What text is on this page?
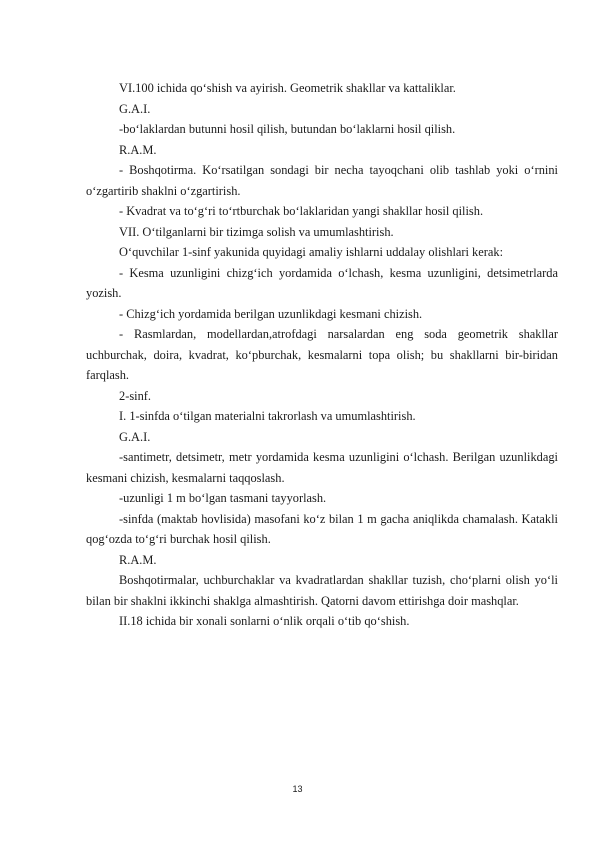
VI.100 ichida qoʻshish va ayirish. Geometrik shakllar va kattaliklar.

G.A.I.

-boʻlaklardan butunni hosil qilish, butundan boʻlaklarni hosil qilish.

R.A.M.

- Boshqotirma. Koʻrsatilgan sondagi bir necha tayoqchani olib tashlab yoki oʻrnini oʻzgartirib shaklni oʻzgartirish.

- Kvadrat va toʻgʻri toʻrtburchak boʻlaklaridan yangi shakllar hosil qilish.

VII. Oʻtilganlarni bir tizimga solish va umumlashtirish.

Oʻquvchilar 1-sinf yakunida quyidagi amaliy ishlarni uddalay olishlari kerak:

- Kesma uzunligini chizgʻich yordamida oʻlchash, kesma uzunligini, detsimetrlarda yozish.

- Chizgʻich yordamida berilgan uzunlikdagi kesmani chizish.

- Rasmlardan, modellardan,atrofdagi narsalardan eng soda geometrik shakllar uchburchak, doira, kvadrat, koʻpburchak, kesmalarni topa olish; bu shakllarni bir-biridan farqlash.

2-sinf.

I. 1-sinfda oʻtilgan materialni takrorlash va umumlashtirish.

G.A.I.

-santimetr, detsimetr, metr yordamida kesma uzunligini oʻlchash. Berilgan uzunlikdagi kesmani chizish, kesmalarni taqqoslash.

-uzunligi 1 m boʻlgan tasmani tayyorlash.

-sinfda (maktab hovlisida) masofani koʻz bilan 1 m gacha aniqlikda chamalash. Katakli qogʻozda toʻgʻri burchak hosil qilish.

R.A.M.

Boshqotirmalar, uchburchaklar va kvadratlardan shakllar tuzish, choʻplarni olish yoʻli bilan bir shaklni ikkinchi shaklga almashtirish. Qatorni davom ettirishga doir mashqlar.

II.18 ichida bir xonali sonlarni oʻnlik orqali oʻtib qoʻshish.

13
